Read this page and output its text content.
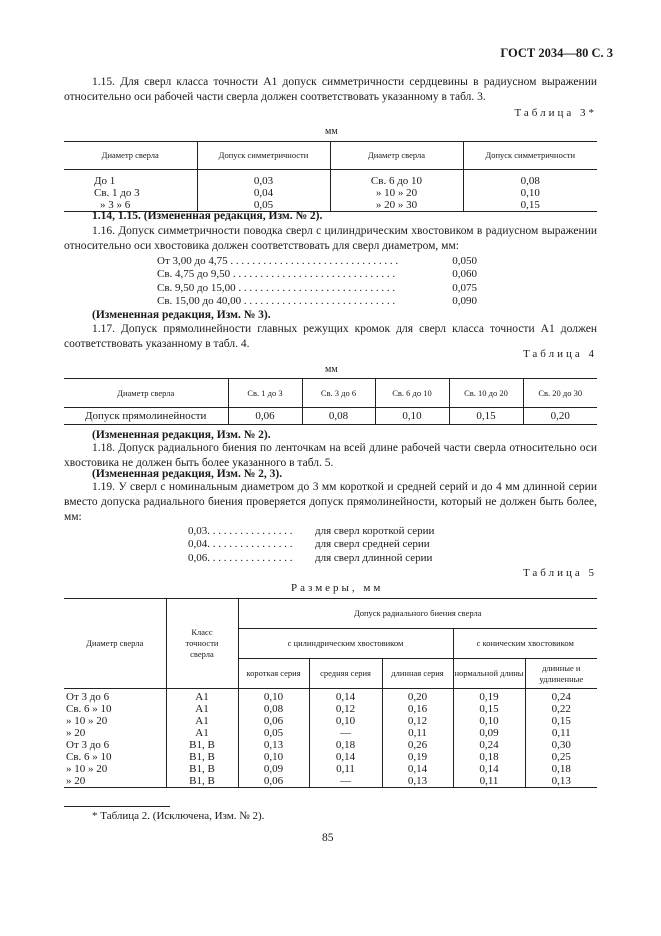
ГОСТ 2034—80 С. 3
1.15. Для сверл класса точности А1 допуск симметричности сердцевины в радиусном выражении относительно оси рабочей части сверла должен соответствовать указанному в табл. 3.
Таблица 3*
мм
Диаметр сверла	Допуск симметричности	Диаметр сверла	Допуск симметричности

До 1	0,03	Св. 6 до 10	0,08
Св. 1 до 3	0,04	» 10 » 20	0,10
» 3 » 6	0,05	» 20 » 30	0,15
1.14, 1.15. (Измененная редакция, Изм. № 2).
1.16. Допуск симметричности поводка сверл с цилиндрическим хвостовиком в радиусном выражении относительно оси хвостовика должен соответствовать для сверл диаметром, мм:
От 3,00 до 4,75 . . . . . . . . . . . . . . . . . . . . . . . . . . . . . . .	0,050
Св. 4,75 до 9,50 . . . . . . . . . . . . . . . . . . . . . . . . . . . . . .	0,060
Св. 9,50 до 15,00 . . . . . . . . . . . . . . . . . . . . . . . . . . . . .	0,075
Св. 15,00 до 40,00 . . . . . . . . . . . . . . . . . . . . . . . . . . . .	0,090
(Измененная редакция, Изм. № 3).
1.17. Допуск прямолинейности главных режущих кромок для сверл класса точности А1 должен соответствовать указанному в табл. 4.
Таблица 4
мм
Диаметр сверла	Св. 1 до 3	Св. 3 до 6	Св. 6 до 10	Св. 10 до 20	Св. 20 до 30
Допуск прямолинейности	0,06	0,08	0,10	0,15	0,20
(Измененная редакция, Изм. № 2).
1.18. Допуск радиального биения по ленточкам на всей длине рабочей части сверла относительно оси хвостовика не должен быть более указанного в табл. 5.
(Измененная редакция, Изм. № 2, 3).
1.19. У сверл с номинальным диаметром до 3 мм короткой и средней серий и до 4 мм длинной серии вместо допуска радиального биения проверяется допуск прямолинейности, который не должен быть более, мм:
0,03. . . . . . . . . . . . . . . .	для сверл короткой серии
0,04. . . . . . . . . . . . . . . .	для сверл средней серии
0,06. . . . . . . . . . . . . . . .	для сверл длинной серии
Таблица 5
Размеры, мм
Диаметр сверла	Класс точности сверла	Допуск радиального биения сверла				
		с цилиндрическим хвостовиком			с коническим хвостовиком	
		короткая серия	средняя серия	длинная серия	нормальной длины	длинные и удлиненные
От 3 до 6	А1	0,10	0,14	0,20	0,19	0,24
Св. 6 » 10	А1	0,08	0,12	0,16	0,15	0,22
» 10 » 20	А1	0,06	0,10	0,12	0,10	0,15
» 20	А1	0,05	—	0,11	0,09	0,11
От 3 до 6	В1, В	0,13	0,18	0,26	0,24	0,30
Св. 6 » 10	В1, В	0,10	0,14	0,19	0,18	0,25
» 10 » 20	В1, В	0,09	0,11	0,14	0,14	0,18
» 20	В1, В	0,06	—	0,13	0,11	0,13
* Таблица 2. (Исключена, Изм. № 2).
85
